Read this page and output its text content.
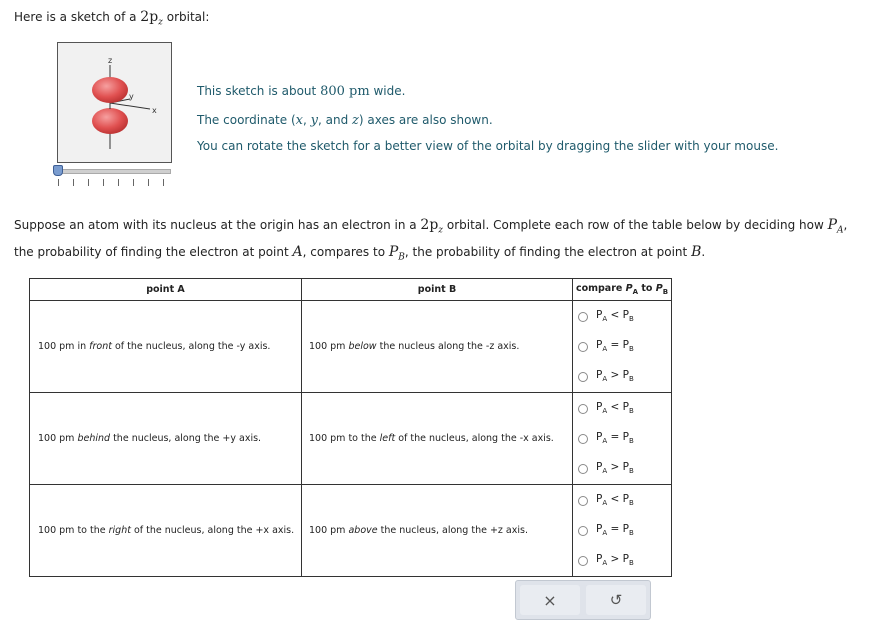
Here is a sketch of a $2p_z$ orbital:
z
y
x
This sketch is about 800 pm wide.
The coordinate (x, y, and z) axes are also shown.
You can rotate the sketch for a better view of the orbital by dragging the slider with your mouse.
Suppose an atom with its nucleus at the origin has an electron in a $2p_z$ orbital. Complete each row of the table below by deciding how $P_A$, the probability of finding the electron at point A, compares to $P_B$, the probability of finding the electron at point B.
point A	point B	compare $P_A$ to $P_B$
100 pm in front of the nucleus, along the -y axis.	100 pm below the nucleus along the -z axis.	$P_A < P_B$
$P_A = P_B$
$P_A > P_B$

100 pm behind the nucleus, along the +y axis.	100 pm to the left of the nucleus, along the -x axis.	$P_A < P_B$
$P_A = P_B$
$P_A > P_B$

100 pm to the right of the nucleus, along the +x axis.	100 pm above the nucleus, along the +z axis.	$P_A < P_B$
$P_A = P_B$
$P_A > P_B$
×	↺
